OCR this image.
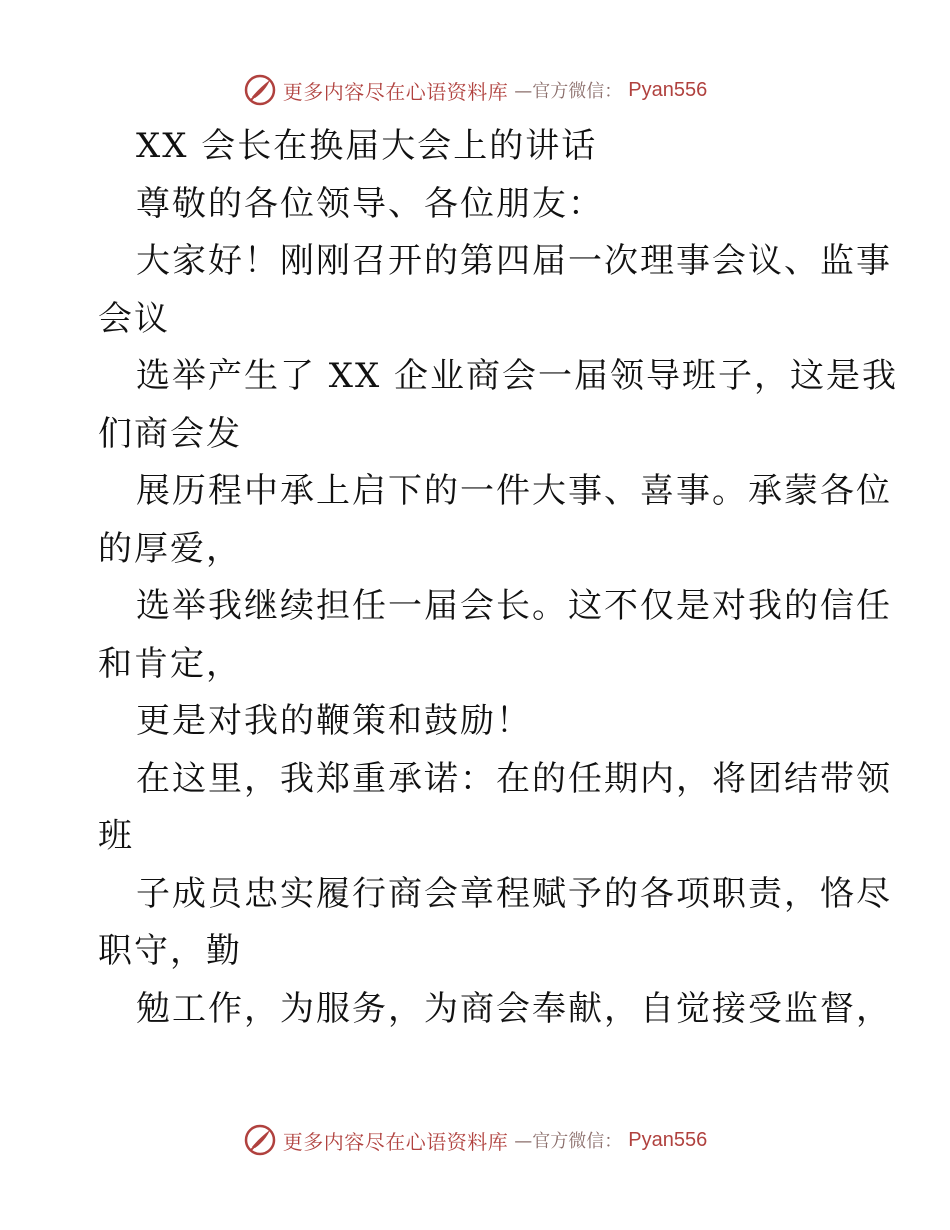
更多内容尽在心语资料库 —官方微信： Pyan556
XX 会长在换届大会上的讲话
尊敬的各位领导、各位朋友：
大家好！刚刚召开的第四届一次理事会议、监事
会议
选举产生了 XX 企业商会一届领导班子，这是我
们商会发
展历程中承上启下的一件大事、喜事。承蒙各位
的厚爱，
选举我继续担任一届会长。这不仅是对我的信任
和肯定，
更是对我的鞭策和鼓励！
在这里，我郑重承诺：在的任期内，将团结带领
班
子成员忠实履行商会章程赋予的各项职责，恪尽
职守，勤
勉工作，为服务，为商会奉献，自觉接受监督，
更多内容尽在心语资料库 —官方微信： Pyan556
